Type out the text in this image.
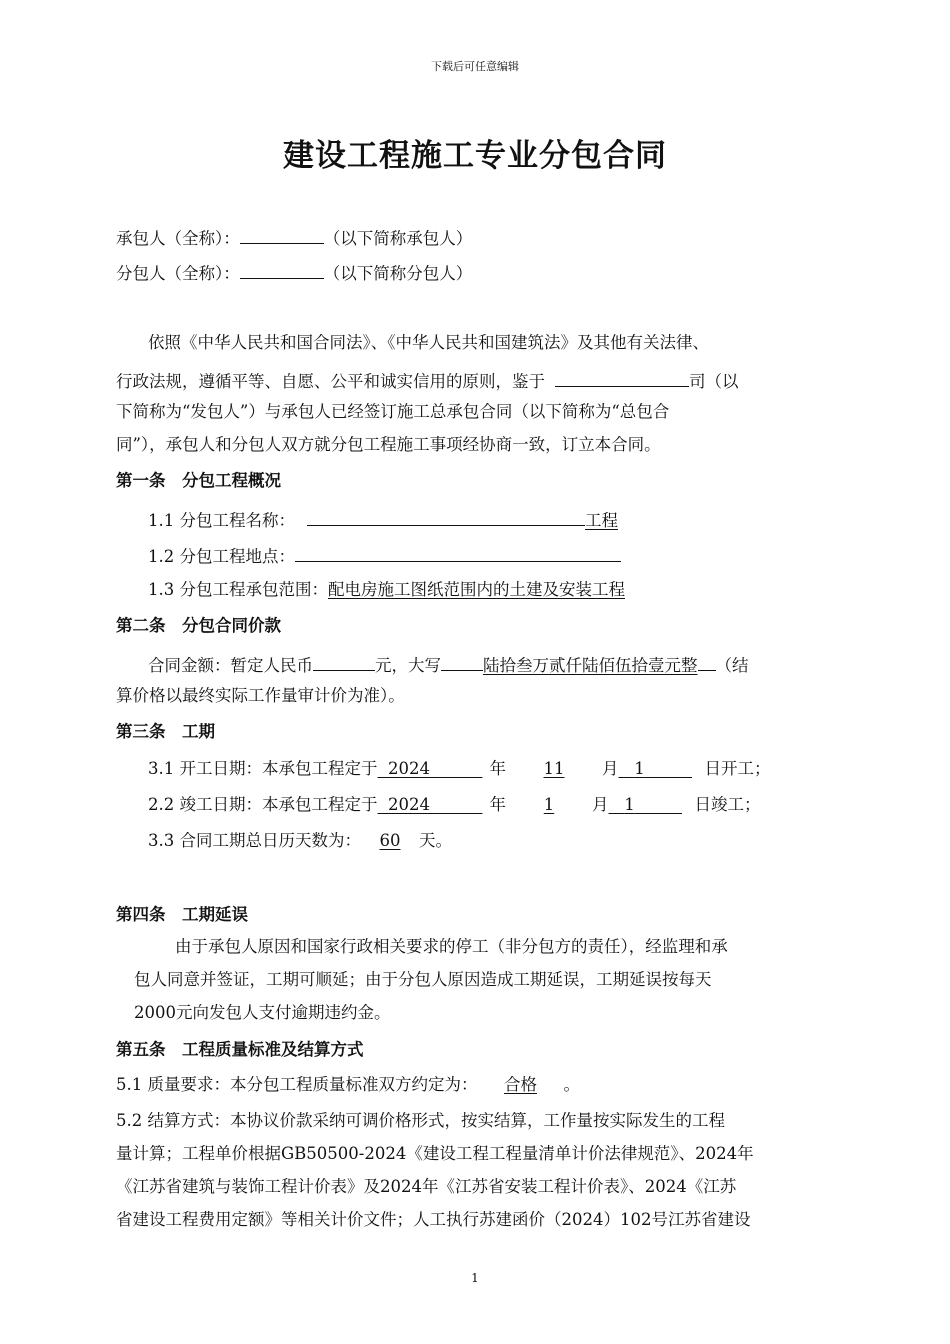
下载后可任意编辑
建设工程施工专业分包合同
承包人（全称）：	（以下简称承包人）
分包人（全称）：	（以下简称分包人）
依照《中华人民共和国合同法》、《中华人民共和国建筑法》及其他有关法律、
行政法规，遵循平等、自愿、公平和诚实信用的原则，鉴于	司（以
下简称为“发包人”）与承包人已经签订施工总承包合同（以下简称为“总包合
同”），承包人和分包人双方就分包工程施工事项经协商一致，订立本合同。
第一条　分包工程概况
1.1 分包工程名称：	工程
1.2 分包工程地点：
1.3 分包工程承包范围：配电房施工图纸范围内的土建及安装工程
第二条　分包合同价款
合同金额：暂定人民币	元，大写	陆拾叁万贰仟陆佰伍拾壹元整 （结
算价格以最终实际工作量审计价为准）。
第三条　工期
3.1 开工日期：本承包工程定于 2024	年 11 月 1	日开工；
2.2 竣工日期：本承包工程定于 2024	年 1 月 1	日竣工；
3.3 合同工期总日历天数为： 60 天。
第四条　工期延误
由于承包人原因和国家行政相关要求的停工（非分包方的责任），经监理和承
包人同意并签证，工期可顺延；由于分包人原因造成工期延误，工期延误按每天
2000元向发包人支付逾期违约金。
第五条　工程质量标准及结算方式
5.1 质量要求：本分包工程质量标准双方约定为： 合格 。
5.2 结算方式：本协议价款采纳可调价格形式，按实结算，工作量按实际发生的工程
量计算；工程单价根据GB50500-2024《建设工程工程量清单计价法律规范》、2024年
《江苏省建筑与装饰工程计价表》及2024年《江苏省安装工程计价表》、2024《江苏
省建设工程费用定额》等相关计价文件；人工执行苏建函价（2024）102号江苏省建设
1
